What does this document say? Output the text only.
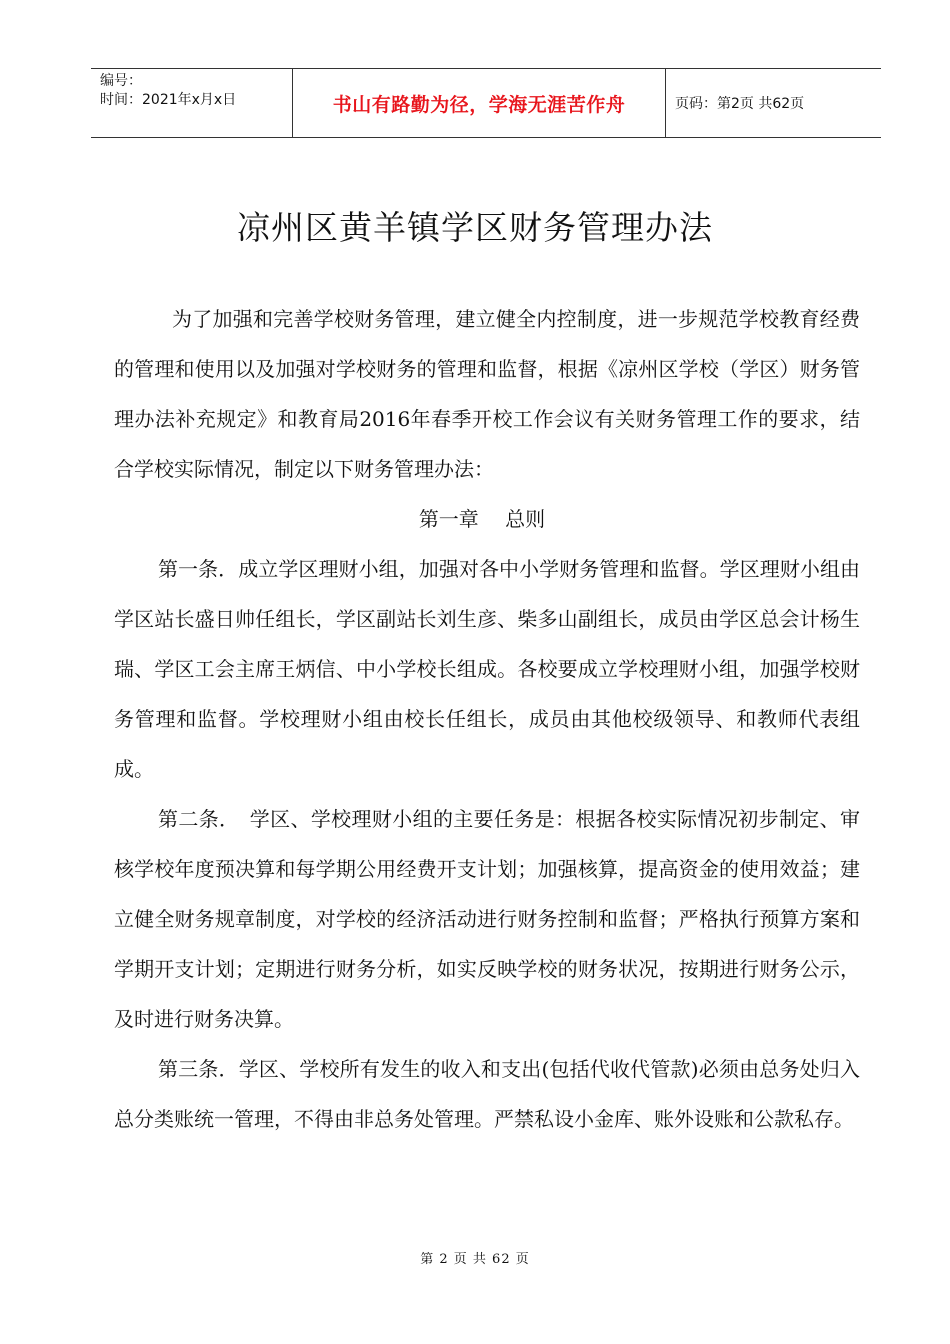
编号：
时间：2021年x月x日	书山有路勤为径，学海无涯苦作舟	页码：第2页 共62页
凉州区黄羊镇学区财务管理办法

为了加强和完善学校财务管理，建立健全内控制度，进一步规范学校教育经费的管理和使用以及加强对学校财务的管理和监督，根据《凉州区学校（学区）财务管理办法补充规定》和教育局2016年春季开校工作会议有关财务管理工作的要求，结合学校实际情况，制定以下财务管理办法：

第一章　 总则

第一条．成立学区理财小组，加强对各中小学财务管理和监督。学区理财小组由学区站长盛日帅任组长，学区副站长刘生彦、柴多山副组长，成员由学区总会计杨生瑞、学区工会主席王炳信、中小学校长组成。各校要成立学校理财小组，加强学校财务管理和监督。学校理财小组由校长任组长，成员由其他校级领导、和教师代表组成。

第二条．　学区、学校理财小组的主要任务是：根据各校实际情况初步制定、审核学校年度预决算和每学期公用经费开支计划；加强核算，提高资金的使用效益；建立健全财务规章制度，对学校的经济活动进行财务控制和监督；严格执行预算方案和学期开支计划；定期进行财务分析，如实反映学校的财务状况，按期进行财务公示，及时进行财务决算。

第三条．学区、学校所有发生的收入和支出(包括代收代管款)必须由总务处归入总分类账统一管理，不得由非总务处管理。严禁私设小金库、账外设账和公款私存。

第 2 页 共 62 页
